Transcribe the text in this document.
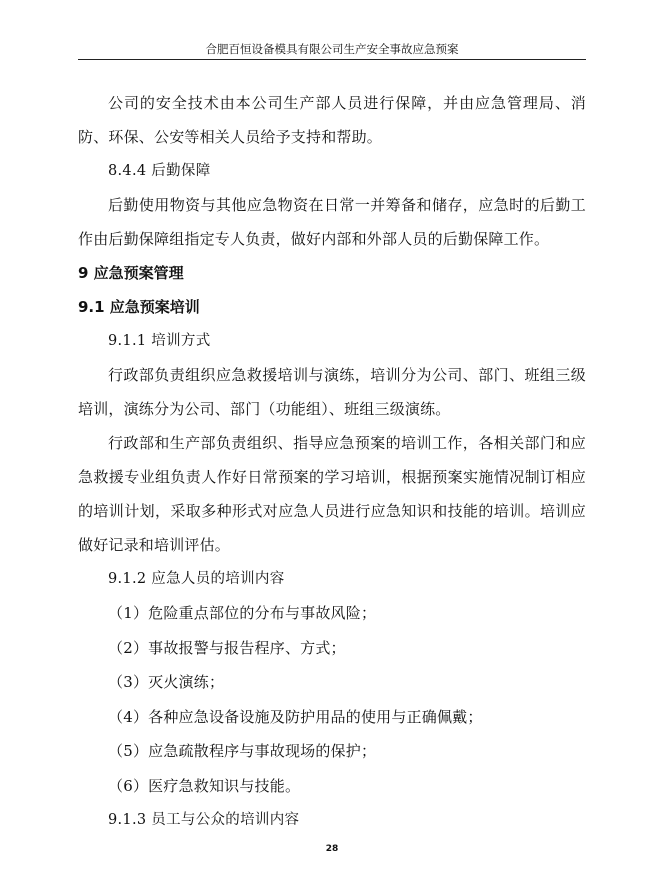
合肥百恒设备模具有限公司生产安全事故应急预案

公司的安全技术由本公司生产部人员进行保障，并由应急管理局、消防、环保、公安等相关人员给予支持和帮助。

8.4.4 后勤保障

后勤使用物资与其他应急物资在日常一并筹备和储存，应急时的后勤工作由后勤保障组指定专人负责，做好内部和外部人员的后勤保障工作。

9 应急预案管理

9.1 应急预案培训

9.1.1 培训方式

行政部负责组织应急救援培训与演练，培训分为公司、部门、班组三级培训，演练分为公司、部门（功能组）、班组三级演练。

行政部和生产部负责组织、指导应急预案的培训工作，各相关部门和应急救援专业组负责人作好日常预案的学习培训，根据预案实施情况制订相应的培训计划，采取多种形式对应急人员进行应急知识和技能的培训。培训应做好记录和培训评估。

9.1.2 应急人员的培训内容

（1）危险重点部位的分布与事故风险；

（2）事故报警与报告程序、方式；

（3）灭火演练；

（4）各种应急设备设施及防护用品的使用与正确佩戴；

（5）应急疏散程序与事故现场的保护；

（6）医疗急救知识与技能。

9.1.3 员工与公众的培训内容

28
